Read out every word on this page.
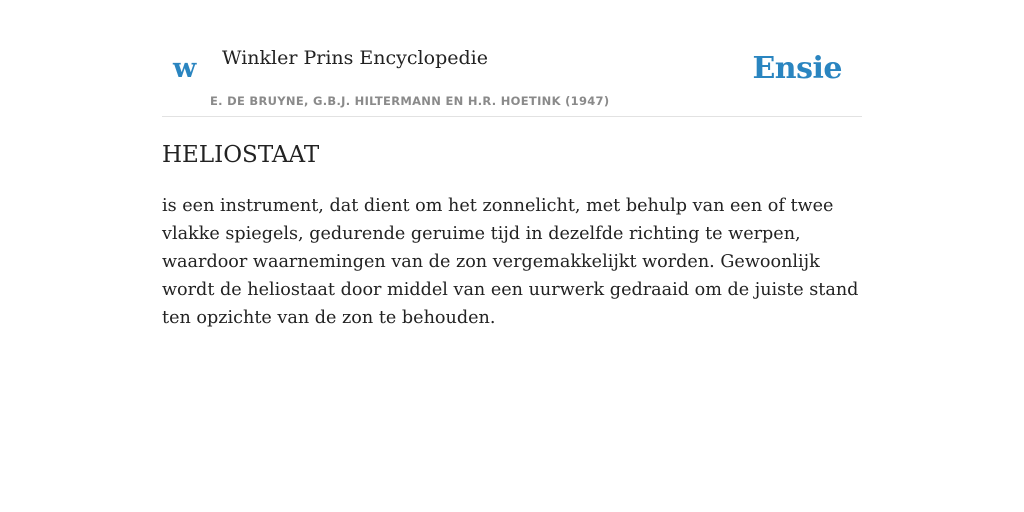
w Winkler Prins Encyclopedie
E. DE BRUYNE, G.B.J. HILTERMANN EN H.R. HOETINK (1947)
Ensie
HELIOSTAAT

is een instrument, dat dient om het zonnelicht, met behulp van een of twee vlakke spiegels, gedurende geruime tijd in dezelfde richting te werpen, waardoor waarnemingen van de zon vergemakkelijkt worden. Gewoonlijk wordt de heliostaat door middel van een uurwerk gedraaid om de juiste stand ten opzichte van de zon te behouden.
